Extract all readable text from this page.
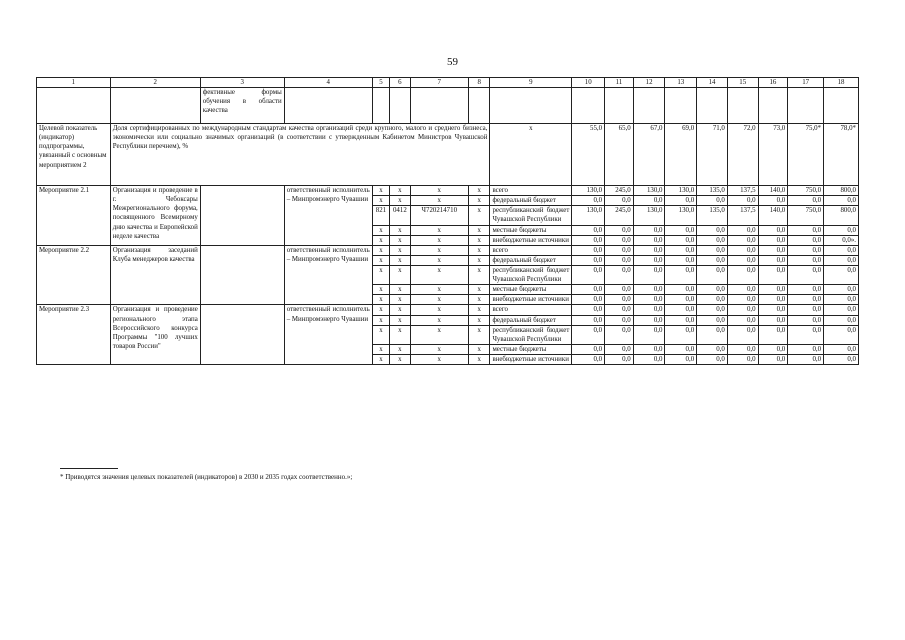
59
1	2	3	4	5	6	7	8	9	10	11	12	13	14	15	16	17	18
		фективные формы обучения в области качества															
Целевой показатель (индикатор) подпрограммы, увязанный с основным мероприятием 2	Доля сертифицированных по международным стандартам качества организаций среди крупного, малого и среднего бизнеса, экономически или социально значимых организаций (в соответствии с утвержденным Кабинетом Министров Чувашской Республики перечнем), %							х	55,0	65,0	67,0	69,0	71,0	72,0	73,0	75,0*	78,0*
Мероприятие 2.1	Организация и проведение в г. Чебоксары Межрегионального форума, посвященного Всемирному дню качества и Европейской неделе качества		ответственный исполнитель – Минпромэнерго Чувашии	х	х	х	х	всего	130,0	245,0	130,0	130,0	135,0	137,5	140,0	750,0	800,0
				х	х	х	х	федеральный бюджет	0,0	0,0	0,0	0,0	0,0	0,0	0,0	0,0	0,0
				821	0412	Ч720214710	х	республиканский бюджет Чувашской Республики	130,0	245,0	130,0	130,0	135,0	137,5	140,0	750,0	800,0
				х	х	х	х	местные бюджеты	0,0	0,0	0,0	0,0	0,0	0,0	0,0	0,0	0,0
				х	х	х	х	внебюджетные источники	0,0	0,0	0,0	0,0	0,0	0,0	0,0	0,0	0,0».
Мероприятие 2.2	Организация заседаний Клуба менеджеров качества		ответственный исполнитель – Минпромэнерго Чувашии	х	х	х	х	всего	0,0	0,0	0,0	0,0	0,0	0,0	0,0	0,0	0,0
				х	х	х	х	федеральный бюджет	0,0	0,0	0,0	0,0	0,0	0,0	0,0	0,0	0,0
				х	х	х	х	республиканский бюджет Чувашской Республики	0,0	0,0	0,0	0,0	0,0	0,0	0,0	0,0	0,0
				х	х	х	х	местные бюджеты	0,0	0,0	0,0	0,0	0,0	0,0	0,0	0,0	0,0
				х	х	х	х	внебюджетные источники	0,0	0,0	0,0	0,0	0,0	0,0	0,0	0,0	0,0
Мероприятие 2.3	Организация и проведение регионального этапа Всероссийского конкурса Программы "100 лучших товаров России"		ответственный исполнитель – Минпромэнерго Чувашии	х	х	х	х	всего	0,0	0,0	0,0	0,0	0,0	0,0	0,0	0,0	0,0
				х	х	х	х	федеральный бюджет	0,0	0,0	0,0	0,0	0,0	0,0	0,0	0,0	0,0
				х	х	х	х	республиканский бюджет Чувашской Республики	0,0	0,0	0,0	0,0	0,0	0,0	0,0	0,0	0,0
				х	х	х	х	местные бюджеты	0,0	0,0	0,0	0,0	0,0	0,0	0,0	0,0	0,0
				х	х	х	х	внебюджетные источники	0,0	0,0	0,0	0,0	0,0	0,0	0,0	0,0	0,0
* Приводятся значения целевых показателей (индикаторов) в 2030 и 2035 годах соответственно.»;
